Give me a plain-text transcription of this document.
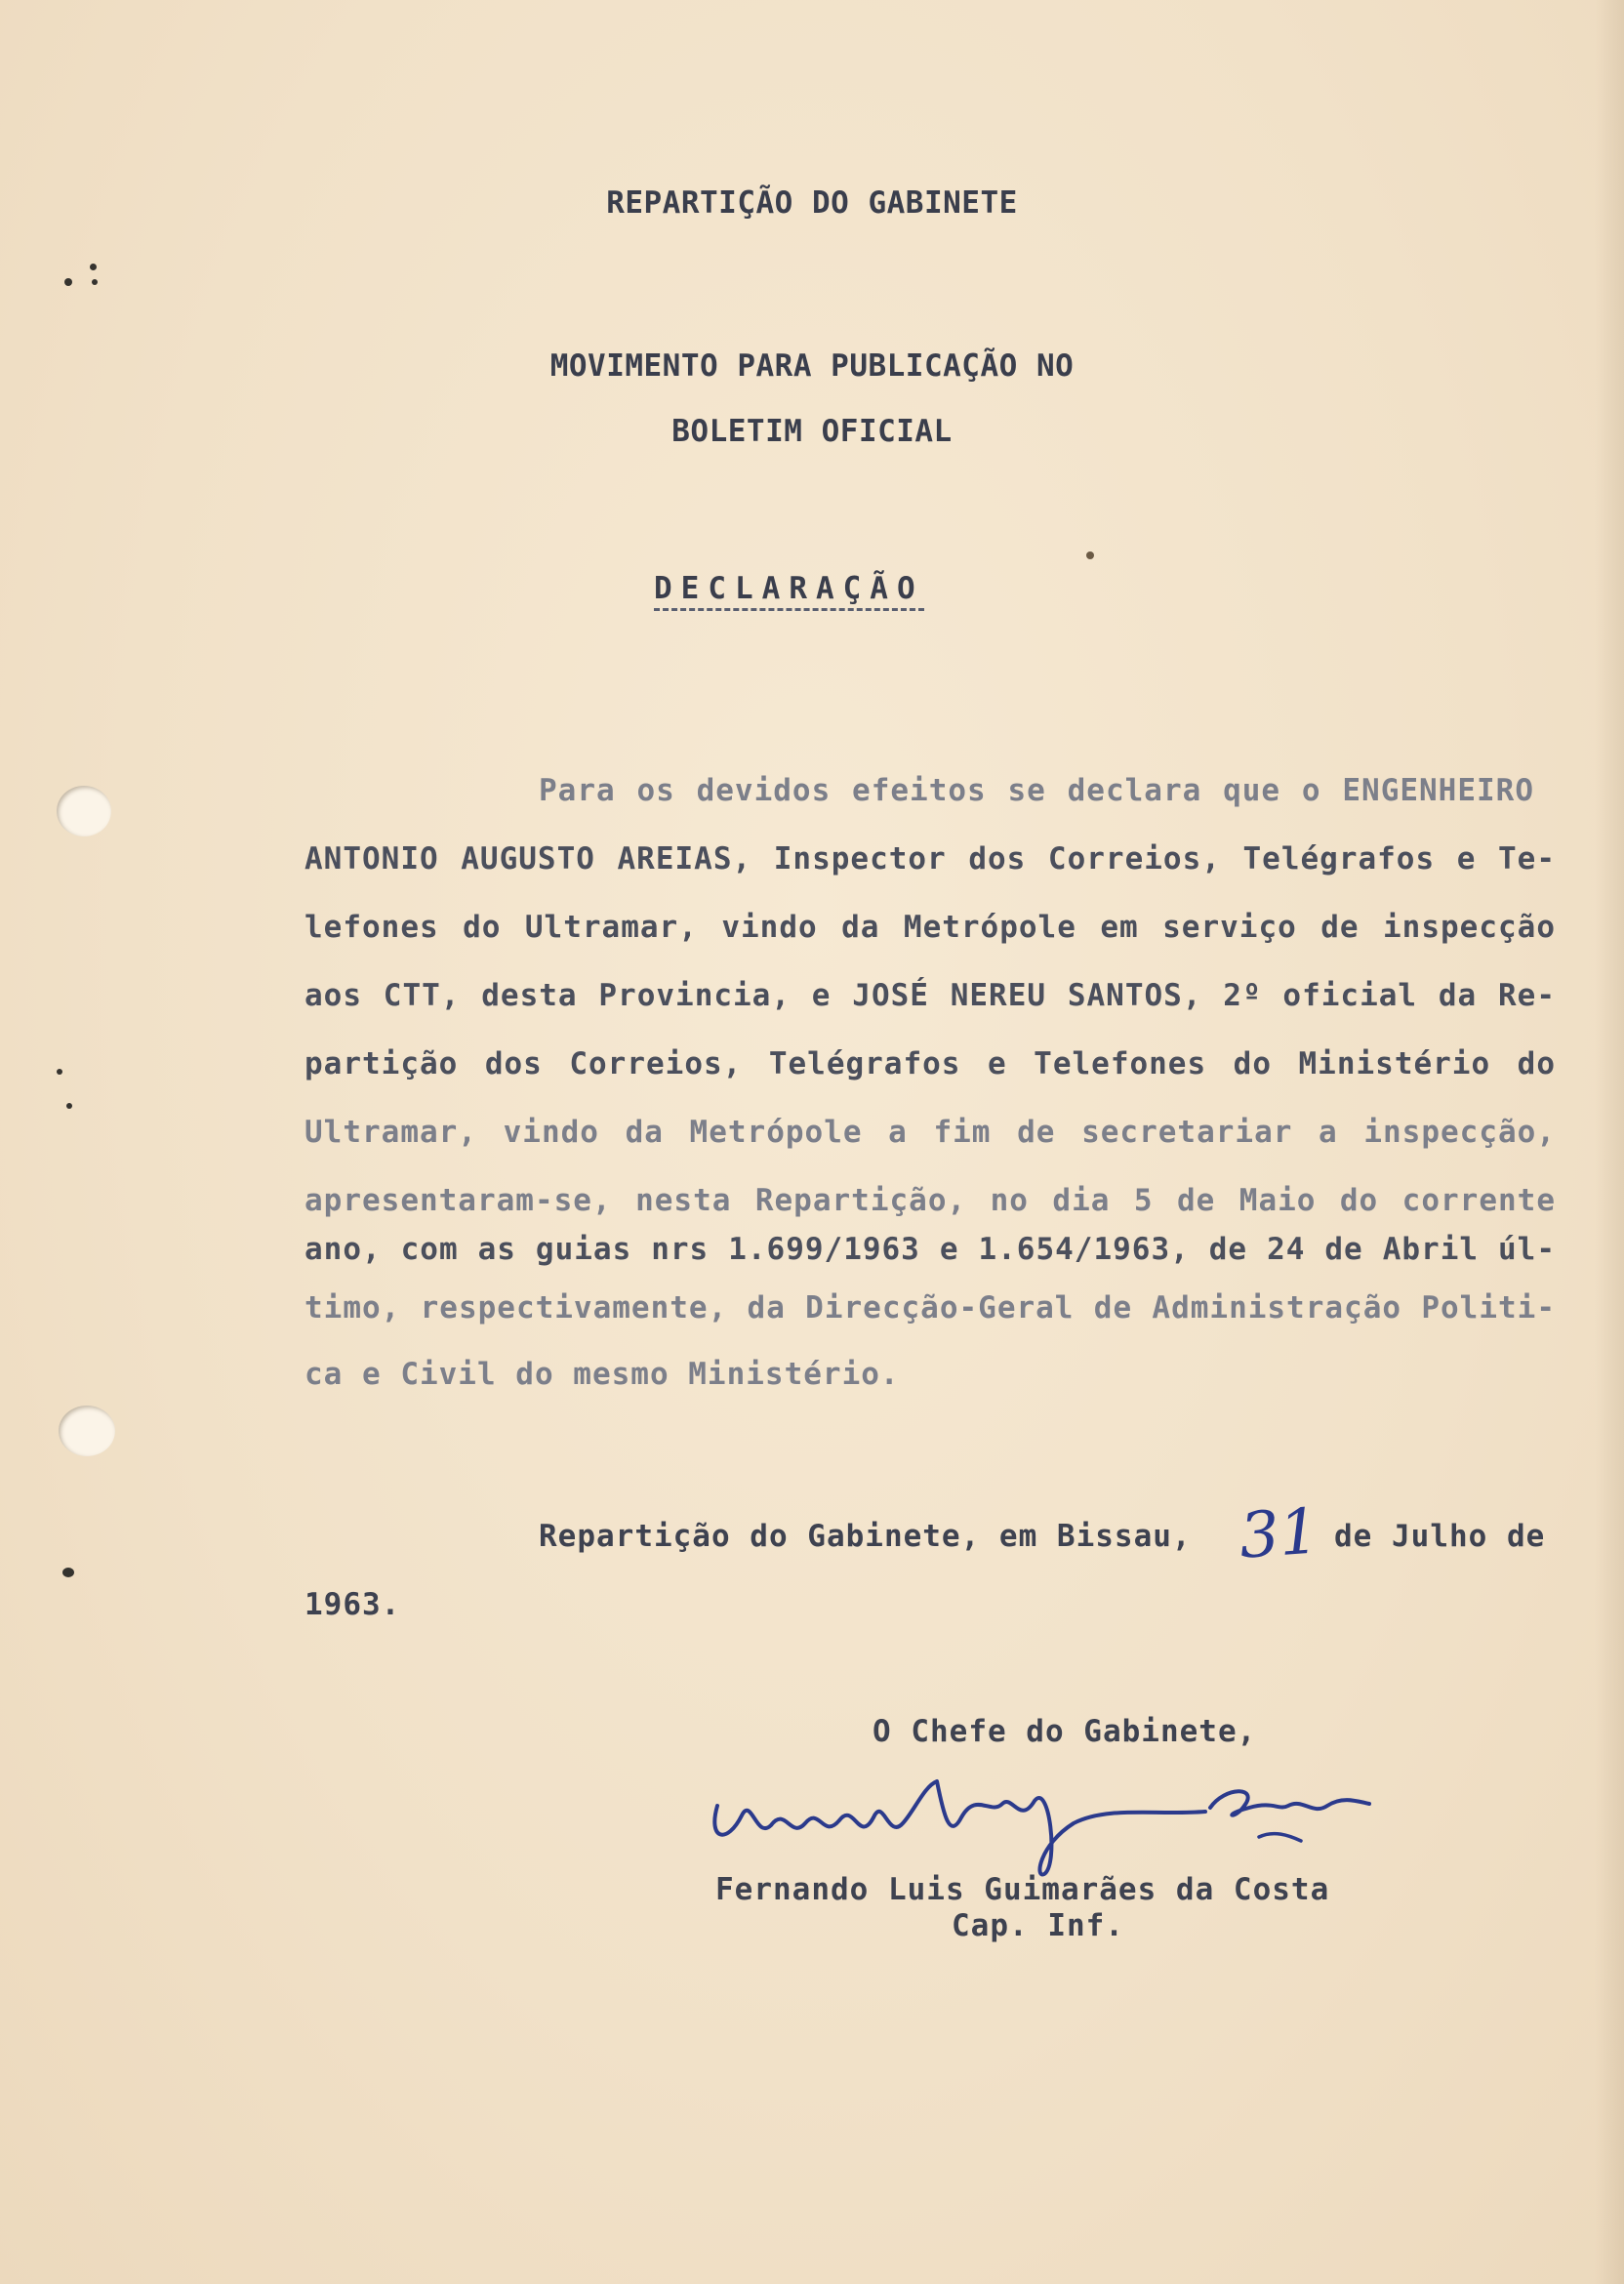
REPARTIÇÃO DO GABINETE
MOVIMENTO PARA PUBLICAÇÃO NO
BOLETIM OFICIAL
DECLARAÇÃO
Para os devidos efeitos se declara que o ENGENHEIRO
ANTONIO AUGUSTO AREIAS, Inspector dos Correios, Telégrafos e Te-
lefones do Ultramar, vindo da Metrópole em serviço de inspecção
aos CTT, desta Provincia, e JOSÉ NEREU SANTOS, 2º oficial da Re-
partição dos Correios, Telégrafos e Telefones do Ministério do
Ultramar, vindo da Metrópole a fim de secretariar a inspecção,
apresentaram-se, nesta Repartição, no dia 5 de Maio do corrente
ano, com as guias nrs 1.699/1963 e 1.654/1963, de 24 de Abril úl-
timo, respectivamente, da Direcção-Geral de Administração Politi-
ca e Civil do mesmo Ministério.
Repartição do Gabinete, em Bissau, 31 de Julho de
1963.
O Chefe do Gabinete,
Fernando Luis Guimarães da Costa
Cap. Inf.
